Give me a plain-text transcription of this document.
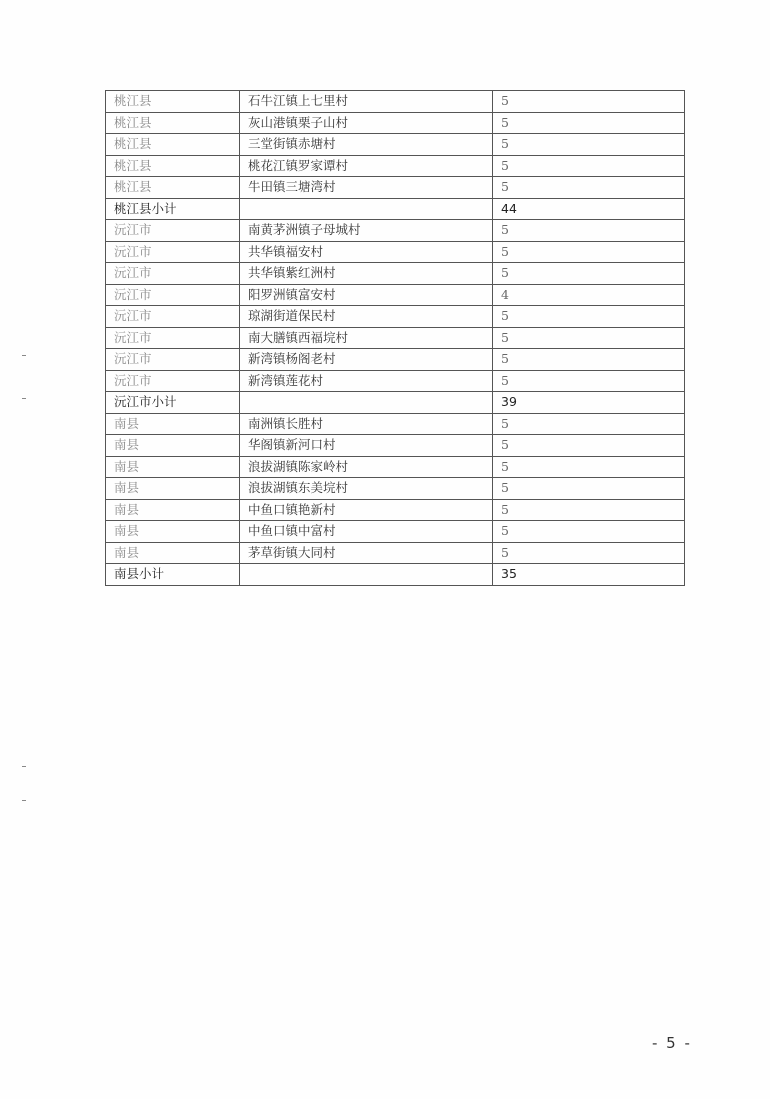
桃江县	石牛江镇上七里村	5
桃江县	灰山港镇栗子山村	5
桃江县	三堂街镇赤塘村	5
桃江县	桃花江镇罗家谭村	5
桃江县	牛田镇三塘湾村	5
桃江县小计		44
沅江市	南黄茅洲镇子母城村	5
沅江市	共华镇福安村	5
沅江市	共华镇紫红洲村	5
沅江市	阳罗洲镇富安村	4
沅江市	琼湖街道保民村	5
沅江市	南大膳镇西福垸村	5
沅江市	新湾镇杨阁老村	5
沅江市	新湾镇莲花村	5
沅江市小计		39
南县	南洲镇长胜村	5
南县	华阁镇新河口村	5
南县	浪拔湖镇陈家岭村	5
南县	浪拔湖镇东美垸村	5
南县	中鱼口镇艳新村	5
南县	中鱼口镇中富村	5
南县	茅草街镇大同村	5
南县小计		35
- 5 -
